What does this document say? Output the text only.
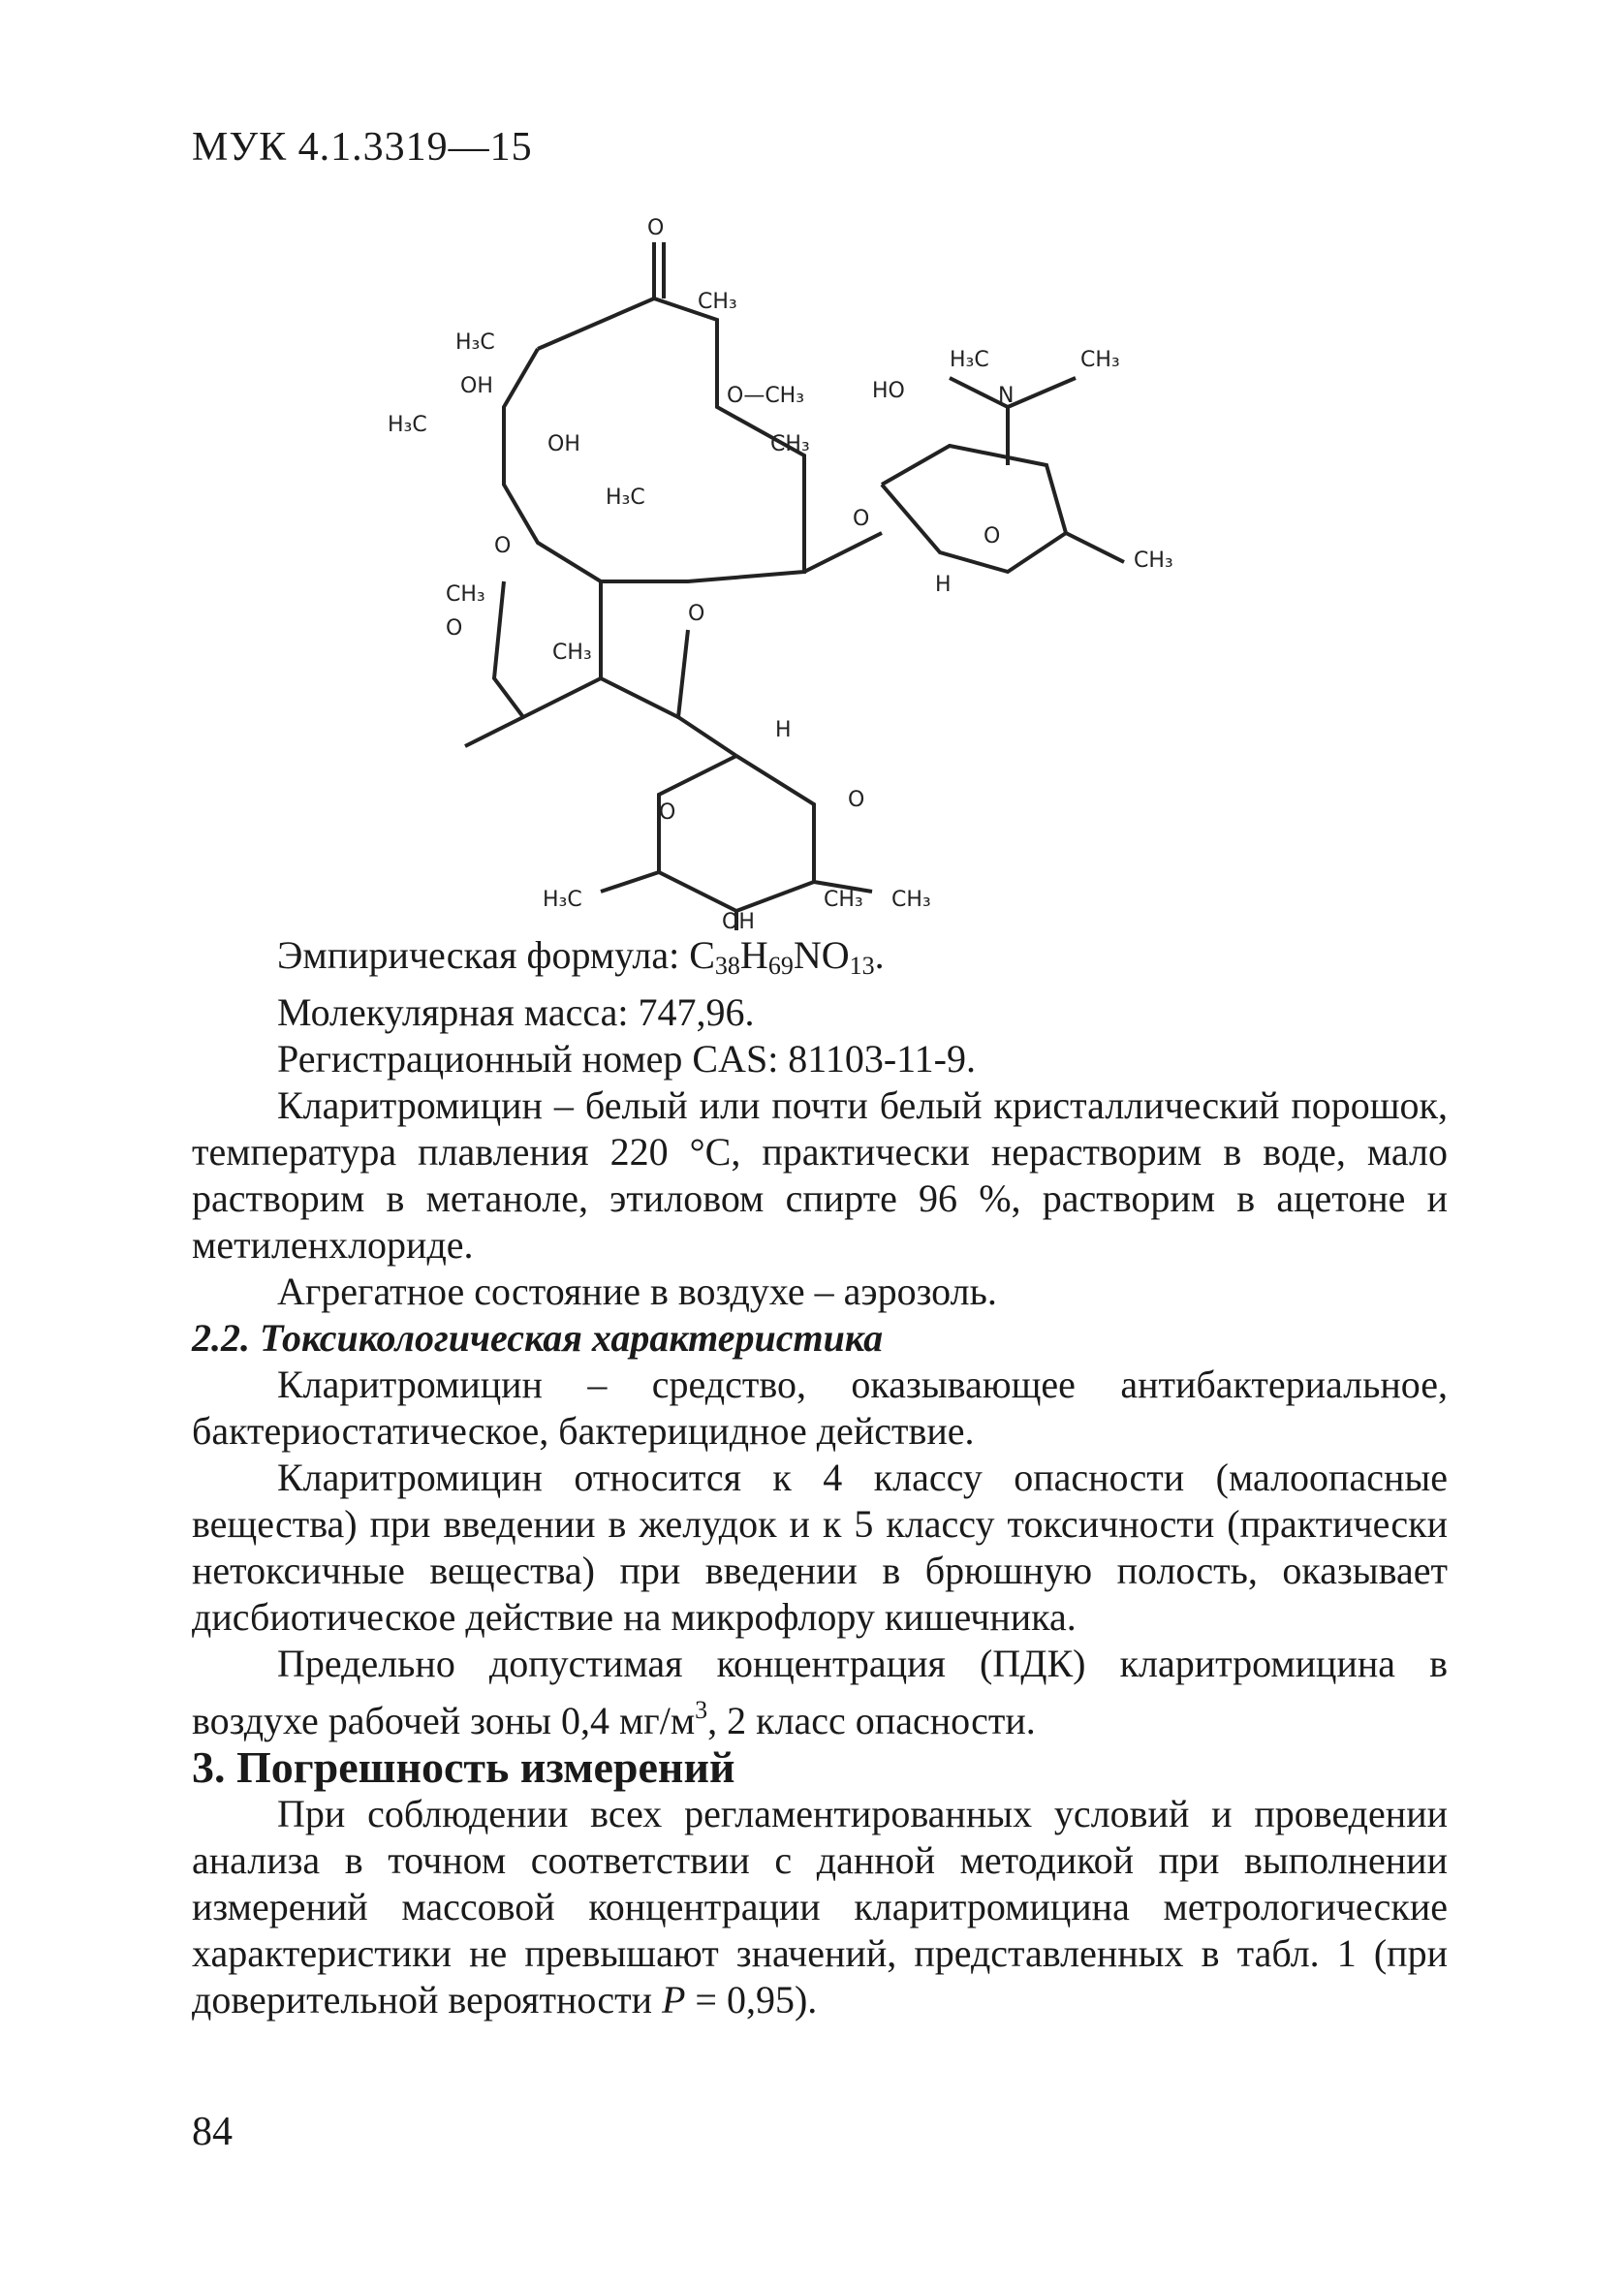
МУК 4.1.3319—15
O
H₃C
CH₃
OH
H₃C
OH
O—CH₃	HO
CH₃
H₃C
O
CH₃
O
O
CH₃
O
H₃C	CH₃
N
O
CH₃
H
H
O
H₃C
O
CH₃ CH₃
OH

Эмпирическая формула: $C_{38}H_{69}NO_{13}$.

Молекулярная масса: 747,96.

Регистрационный номер CAS: 81103-11-9.

Кларитромицин – белый или почти белый кристаллический порошок, температура плавления 220 °С, практически нерастворим в воде, мало растворим в метаноле, этиловом спирте 96 %, растворим в ацетоне и метиленхлориде.

Агрегатное состояние в воздухе – аэрозоль.

2.2. Токсикологическая характеристика

Кларитромицин – средство, оказывающее антибактериальное, бактериостатическое, бактерицидное действие.

Кларитромицин относится к 4 классу опасности (малоопасные вещества) при введении в желудок и к 5 классу токсичности (практически нетоксичные вещества) при введении в брюшную полость, оказывает дисбиотическое действие на микрофлору кишечника.

Предельно допустимая концентрация (ПДК) кларитромицина в воздухе рабочей зоны 0,4 $мг/м^3$, 2 класс опасности.

3. Погрешность измерений

При соблюдении всех регламентированных условий и проведении анализа в точном соответствии с данной методикой при выполнении измерений массовой концентрации кларитромицина метрологические характеристики не превышают значений, представленных в табл. 1 (при доверительной вероятности P = 0,95).

84
